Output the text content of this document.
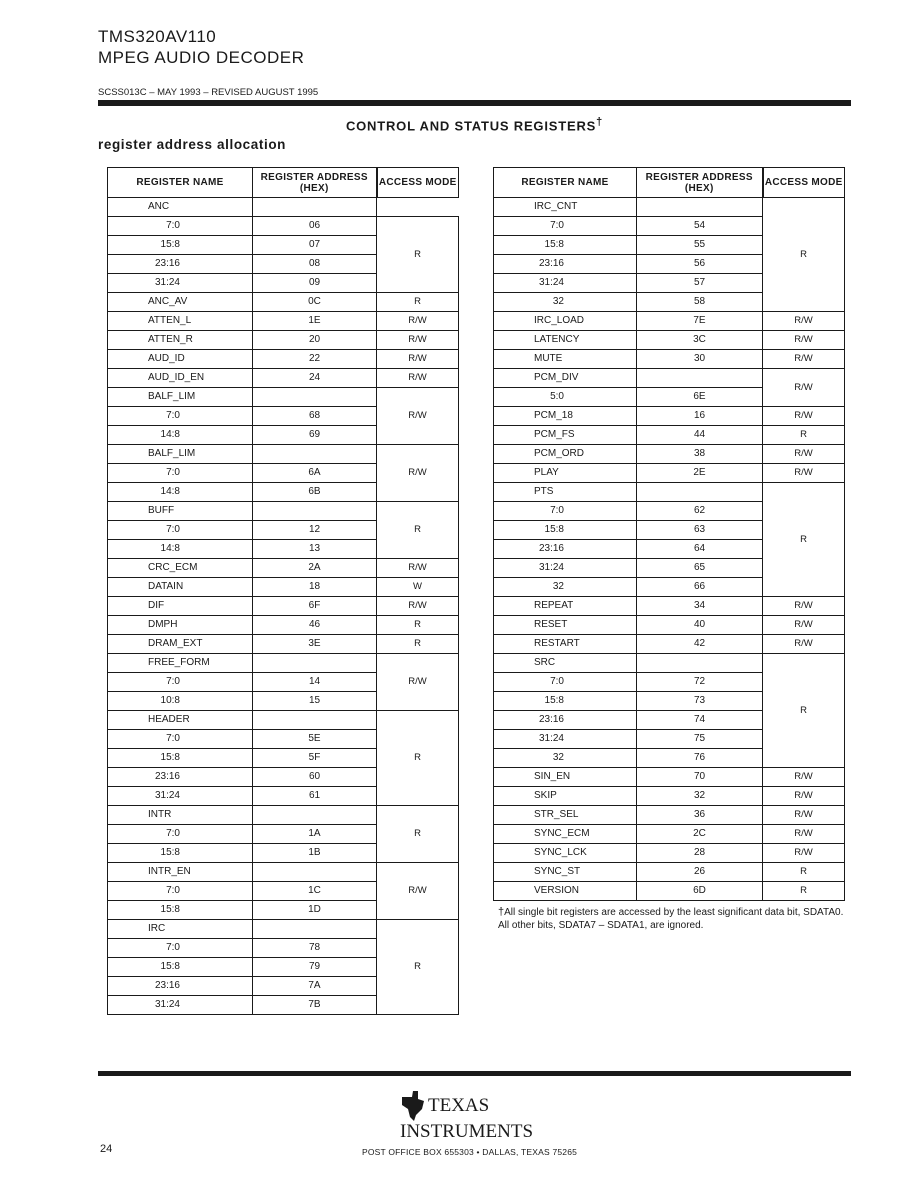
TMS320AV110
MPEG AUDIO DECODER
SCSS013C – MAY 1993 – REVISED AUGUST 1995
CONTROL AND STATUS REGISTERS†
register address allocation
REGISTER NAME	REGISTER ADDRESS (HEX)	ACCESS MODE
ANC		
7:0	06	R
15:8	07	
23:16	08	
31:24	09	
ANC_AV	0C	R
ATTEN_L	1E	R/W
ATTEN_R	20	R/W
AUD_ID	22	R/W
AUD_ID_EN	24	R/W
BALF_LIM		R/W
7:0	68	
14:8	69	
BALF_LIM		R/W
7:0	6A	
14:8	6B	
BUFF		R
7:0	12	
14:8	13	
CRC_ECM	2A	R/W
DATAIN	18	W
DIF	6F	R/W
DMPH	46	R
DRAM_EXT	3E	R
FREE_FORM		R/W
7:0	14	
10:8	15	
HEADER		R
7:0	5E	
15:8	5F	
23:16	60	
31:24	61	
INTR		R
7:0	1A	
15:8	1B	
INTR_EN		R/W
7:0	1C	
15:8	1D	
IRC		R
7:0	78	
15:8	79	
23:16	7A	
31:24	7B	
REGISTER NAME	REGISTER ADDRESS (HEX)	ACCESS MODE
IRC_CNT		R
7:0	54	
15:8	55	
23:16	56	
31:24	57	
32	58	
IRC_LOAD	7E	R/W
LATENCY	3C	R/W
MUTE	30	R/W
PCM_DIV		R/W
5:0	6E	
PCM_18	16	R/W
PCM_FS	44	R
PCM_ORD	38	R/W
PLAY	2E	R/W
PTS		R
7:0	62	
15:8	63	
23:16	64	
31:24	65	
32	66	
REPEAT	34	R/W
RESET	40	R/W
RESTART	42	R/W
SRC		R
7:0	72	
15:8	73	
23:16	74	
31:24	75	
32	76	
SIN_EN	70	R/W
SKIP	32	R/W
STR_SEL	36	R/W
SYNC_ECM	2C	R/W
SYNC_LCK	28	R/W
SYNC_ST	26	R
VERSION	6D	R
†All single bit registers are accessed by the least significant data bit, SDATA0. All other bits, SDATA7 – SDATA1, are ignored.
TEXAS
INSTRUMENTS
24	POST OFFICE BOX 655303 • DALLAS, TEXAS 75265
